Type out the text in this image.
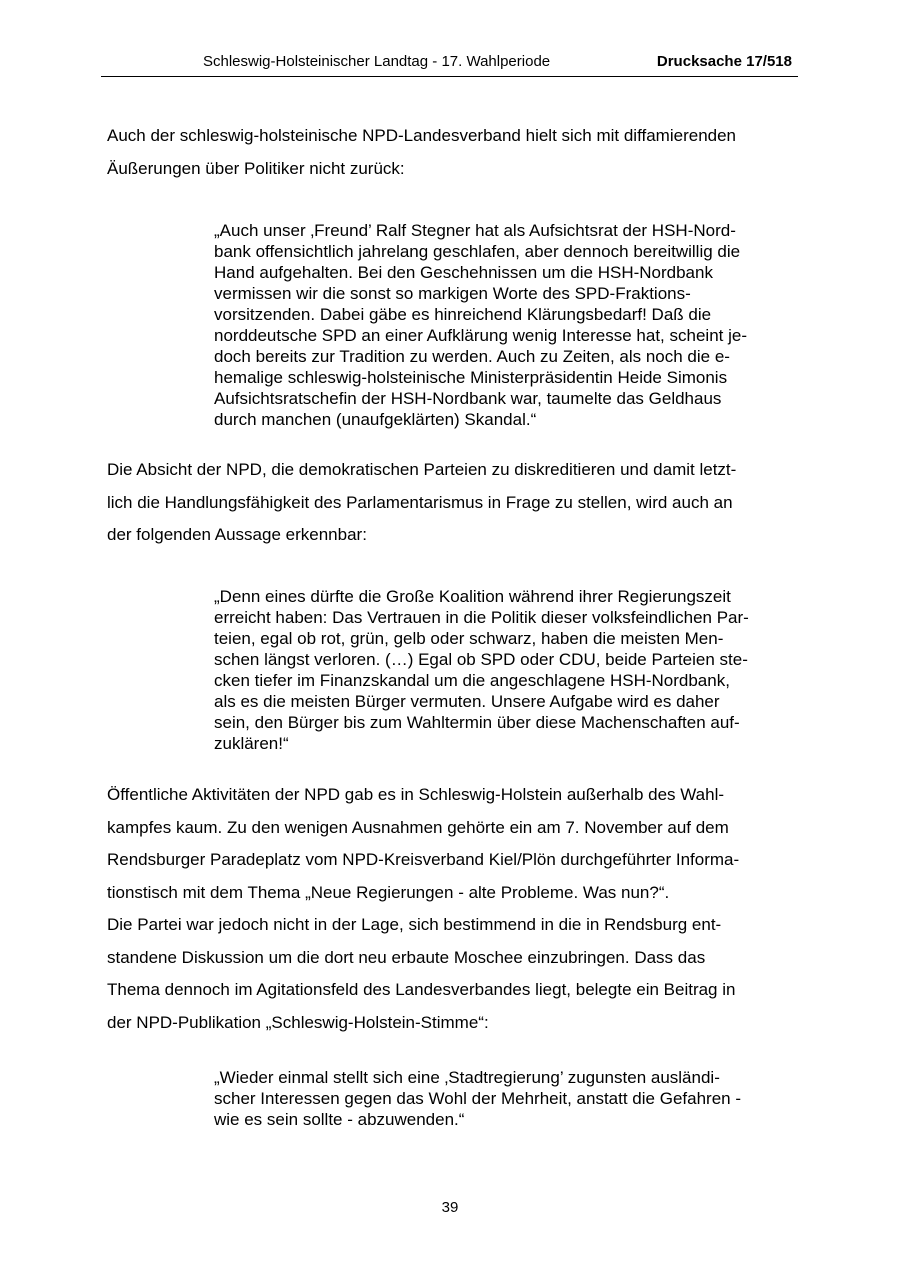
Schleswig-Holsteinischer Landtag - 17. Wahlperiode	Drucksache 17/518
Auch der schleswig-holsteinische NPD-Landesverband hielt sich mit diffamierenden
Äußerungen über Politiker nicht zurück:
„Auch unser ‚Freund’ Ralf Stegner hat als Aufsichtsrat der HSH-Nord-
bank offensichtlich jahrelang geschlafen, aber dennoch bereitwillig die
Hand aufgehalten. Bei den Geschehnissen um die HSH-Nordbank
vermissen wir die sonst so markigen Worte des SPD-Fraktions-
vorsitzenden. Dabei gäbe es hinreichend Klärungsbedarf! Daß die
norddeutsche SPD an einer Aufklärung wenig Interesse hat, scheint je-
doch bereits zur Tradition zu werden. Auch zu Zeiten, als noch die e-
hemalige schleswig-holsteinische Ministerpräsidentin Heide Simonis
Aufsichtsratschefin der HSH-Nordbank war, taumelte das Geldhaus
durch manchen (unaufgeklärten) Skandal.“
Die Absicht der NPD, die demokratischen Parteien zu diskreditieren und damit letzt-
lich die Handlungsfähigkeit des Parlamentarismus in Frage zu stellen, wird auch an
der folgenden Aussage erkennbar:
„Denn eines dürfte die Große Koalition während ihrer Regierungszeit
erreicht haben: Das Vertrauen in die Politik dieser volksfeindlichen Par-
teien, egal ob rot, grün, gelb oder schwarz, haben die meisten Men-
schen längst verloren. (…) Egal ob SPD oder CDU, beide Parteien ste-
cken tiefer im Finanzskandal um die angeschlagene HSH-Nordbank,
als es die meisten Bürger vermuten. Unsere Aufgabe wird es daher
sein, den Bürger bis zum Wahltermin über diese Machenschaften auf-
zuklären!“
Öffentliche Aktivitäten der NPD gab es in Schleswig-Holstein außerhalb des Wahl-
kampfes kaum. Zu den wenigen Ausnahmen gehörte ein am 7. November auf dem
Rendsburger Paradeplatz vom NPD-Kreisverband Kiel/Plön durchgeführter Informa-
tionstisch mit dem Thema „Neue Regierungen - alte Probleme. Was nun?“.
Die Partei war jedoch nicht in der Lage, sich bestimmend in die in Rendsburg ent-
standene Diskussion um die dort neu erbaute Moschee einzubringen. Dass das
Thema dennoch im Agitationsfeld des Landesverbandes liegt, belegte ein Beitrag in
der NPD-Publikation „Schleswig-Holstein-Stimme“:
„Wieder einmal stellt sich eine ‚Stadtregierung’ zugunsten ausländi-
scher Interessen gegen das Wohl der Mehrheit, anstatt die Gefahren -
wie es sein sollte - abzuwenden.“
39
